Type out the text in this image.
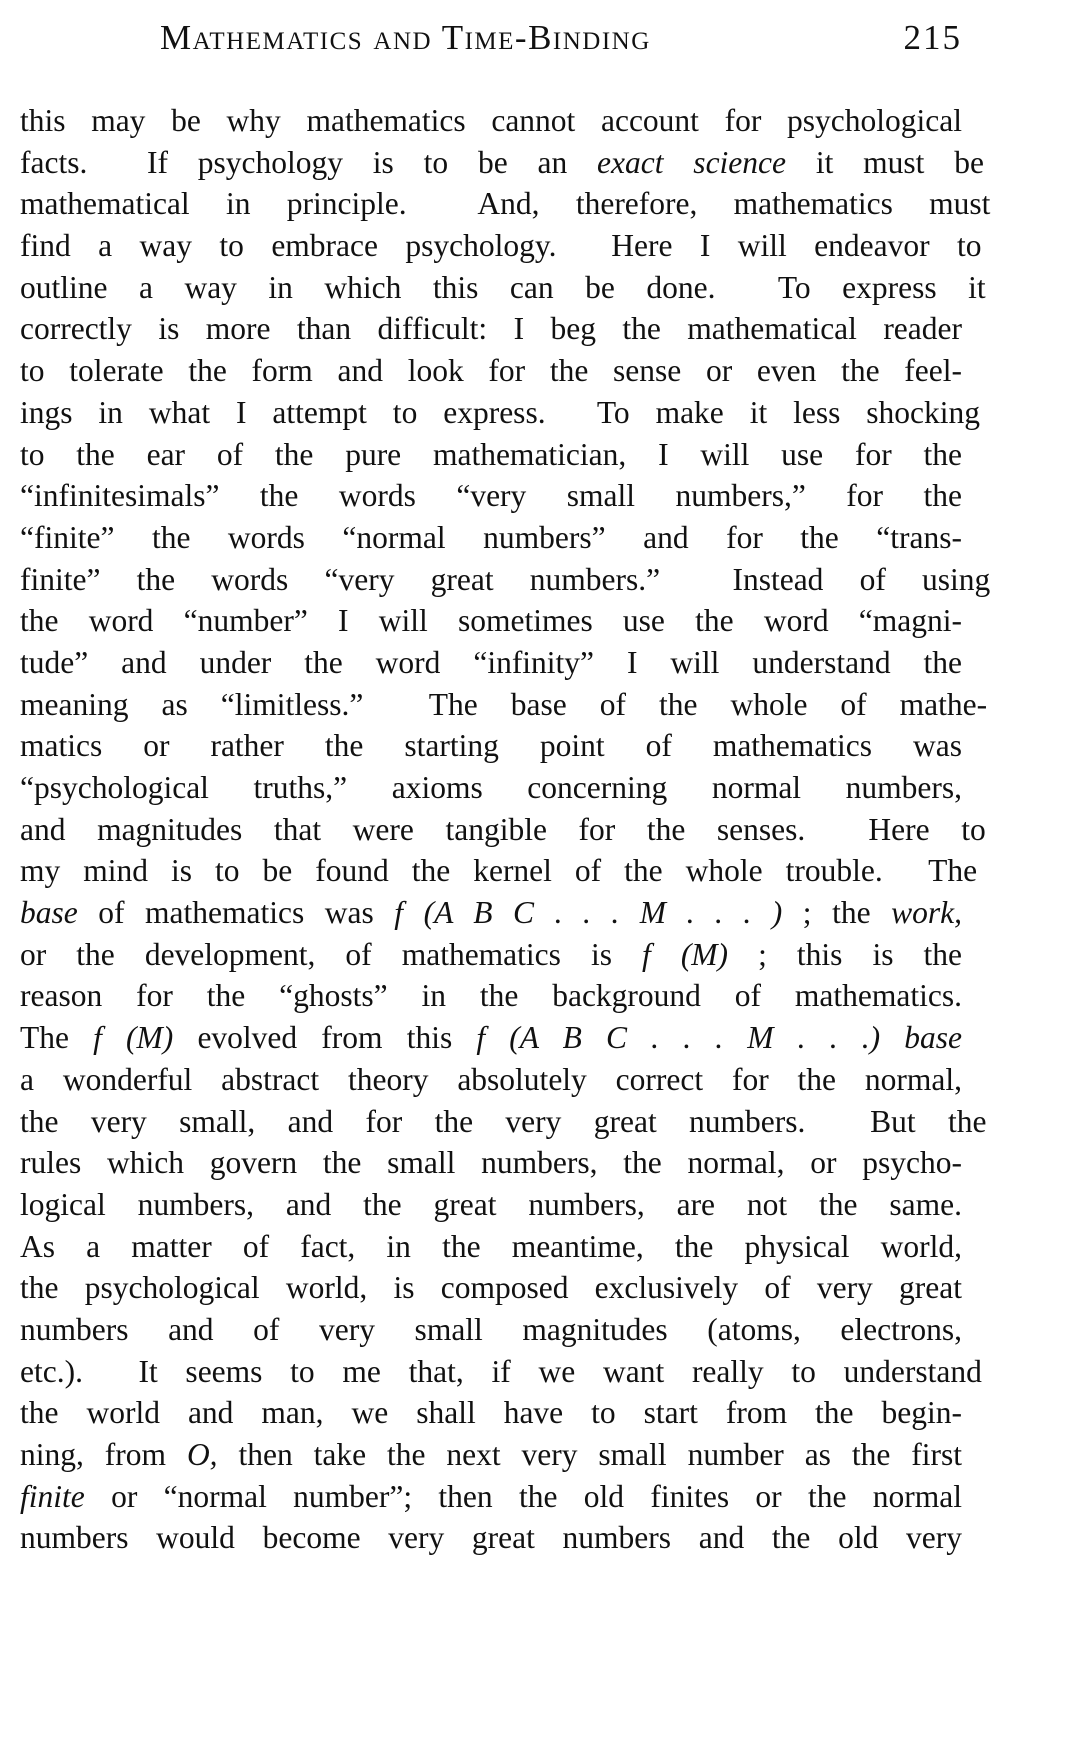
Mathematics and Time-Binding	215
this may be why mathematics cannot account for psychological
facts.  If psychology is to be an exact science it must be
mathematical in principle.  And, therefore, mathematics must
find a way to embrace psychology.  Here I will endeavor to
outline a way in which this can be done.  To express it
correctly is more than difficult: I beg the mathematical reader
to tolerate the form and look for the sense or even the feel-
ings in what I attempt to express.  To make it less shocking
to the ear of the pure mathematician, I will use for the
“infinitesimals” the words “very small numbers,” for the
“finite” the words “normal numbers” and for the “trans-
finite” the words “very great numbers.”  Instead of using
the word “number” I will sometimes use the word “magni-
tude” and under the word “infinity” I will understand the
meaning as “limitless.”  The base of the whole of mathe-
matics or rather the starting point of mathematics was
“psychological truths,” axioms concerning normal numbers,
and magnitudes that were tangible for the senses.  Here to
my mind is to be found the kernel of the whole trouble.  The
base of mathematics was f (A B C . . . M . . . ) ; the work,
or the development, of mathematics is f (M) ; this is the
reason for the “ghosts” in the background of mathematics.
The f (M) evolved from this f (A B C . . . M . . .) base
a wonderful abstract theory absolutely correct for the normal,
the very small, and for the very great numbers.  But the
rules which govern the small numbers, the normal, or psycho-
logical numbers, and the great numbers, are not the same.
As a matter of fact, in the meantime, the physical world,
the psychological world, is composed exclusively of very great
numbers and of very small magnitudes (atoms, electrons,
etc.).  It seems to me that, if we want really to understand
the world and man, we shall have to start from the begin-
ning, from O, then take the next very small number as the first
finite or “normal number”; then the old finites or the normal
numbers would become very great numbers and the old very
